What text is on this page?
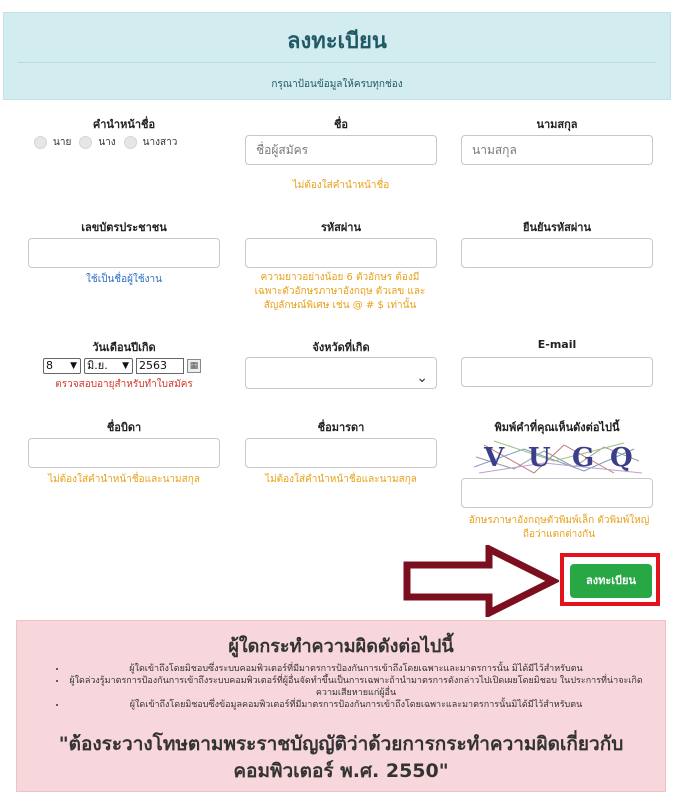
ลงทะเบียน
กรุณาป้อนข้อมูลให้ครบทุกช่อง
คำนำหน้าชื่อ
นาย	นาง	นางสาว
ชื่อ
ชื่อผู้สมัคร
ไม่ต้องใส่คำนำหน้าชื่อ
นามสกุล
นามสกุล
เลขบัตรประชาชน
ใช้เป็นชื่อผู้ใช้งาน
รหัสผ่าน
ความยาวอย่างน้อย 6 ตัวอักษร ต้องมีเฉพาะตัวอักษรภาษาอังกฤษ ตัวเลข และสัญลักษณ์พิเศษ เช่น @ # $ เท่านั้น
ยืนยันรหัสผ่าน
วันเดือนปีเกิด
8 ▼ มิ.ย. ▼ 2563	▦
ตรวจสอบอายุสำหรับทำใบสมัคร
จังหวัดที่เกิด
⌄
E-mail
ชื่อบิดา
ไม่ต้องใส่คำนำหน้าชื่อและนามสกุล
ชื่อมารดา
ไม่ต้องใส่คำนำหน้าชื่อและนามสกุล
พิมพ์คำที่คุณเห็นดังต่อไปนี้
V U G Q
อักษรภาษาอังกฤษตัวพิมพ์เล็ก ตัวพิมพ์ใหญ่ ถือว่าแตกต่างกัน
ลงทะเบียน
ผู้ใดกระทำความผิดดังต่อไปนี้
• ผู้ใดเข้าถึงโดยมิชอบซึ่งระบบคอมพิวเตอร์ที่มีมาตรการป้องกันการเข้าถึงโดยเฉพาะและมาตรการนั้น มิได้มีไว้สำหรับตน
• ผู้ใดล่วงรู้มาตรการป้องกันการเข้าถึงระบบคอมพิวเตอร์ที่ผู้อื่นจัดทำขึ้นเป็นการเฉพาะถ้านำมาตรการดังกล่าวไปเปิดเผยโดยมิชอบ ในประการที่น่าจะเกิดความเสียหายแก่ผู้อื่น
• ผู้ใดเข้าถึงโดยมิชอบซึ่งข้อมูลคอมพิวเตอร์ที่มีมาตรการป้องกันการเข้าถึงโดยเฉพาะและมาตรการนั้นมิได้มีไว้สำหรับตน
"ต้องระวางโทษตามพระราชบัญญัติว่าด้วยการกระทำความผิดเกี่ยวกับคอมพิวเตอร์ พ.ศ. 2550"
